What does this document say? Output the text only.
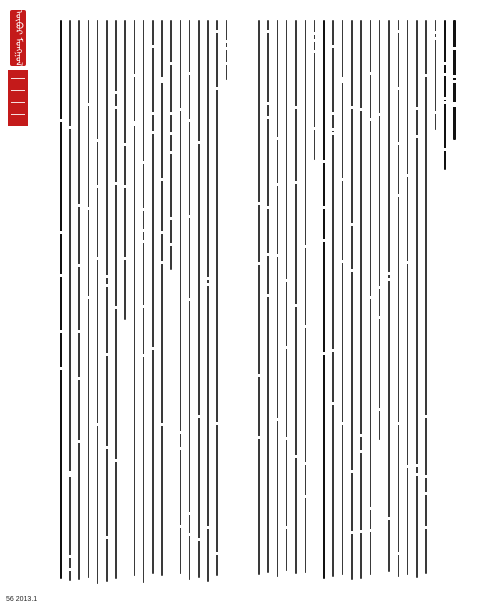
ᠦᠪᠦᠷ ᠮᠣᠩᠭᠣᠯ
56 2013.1
